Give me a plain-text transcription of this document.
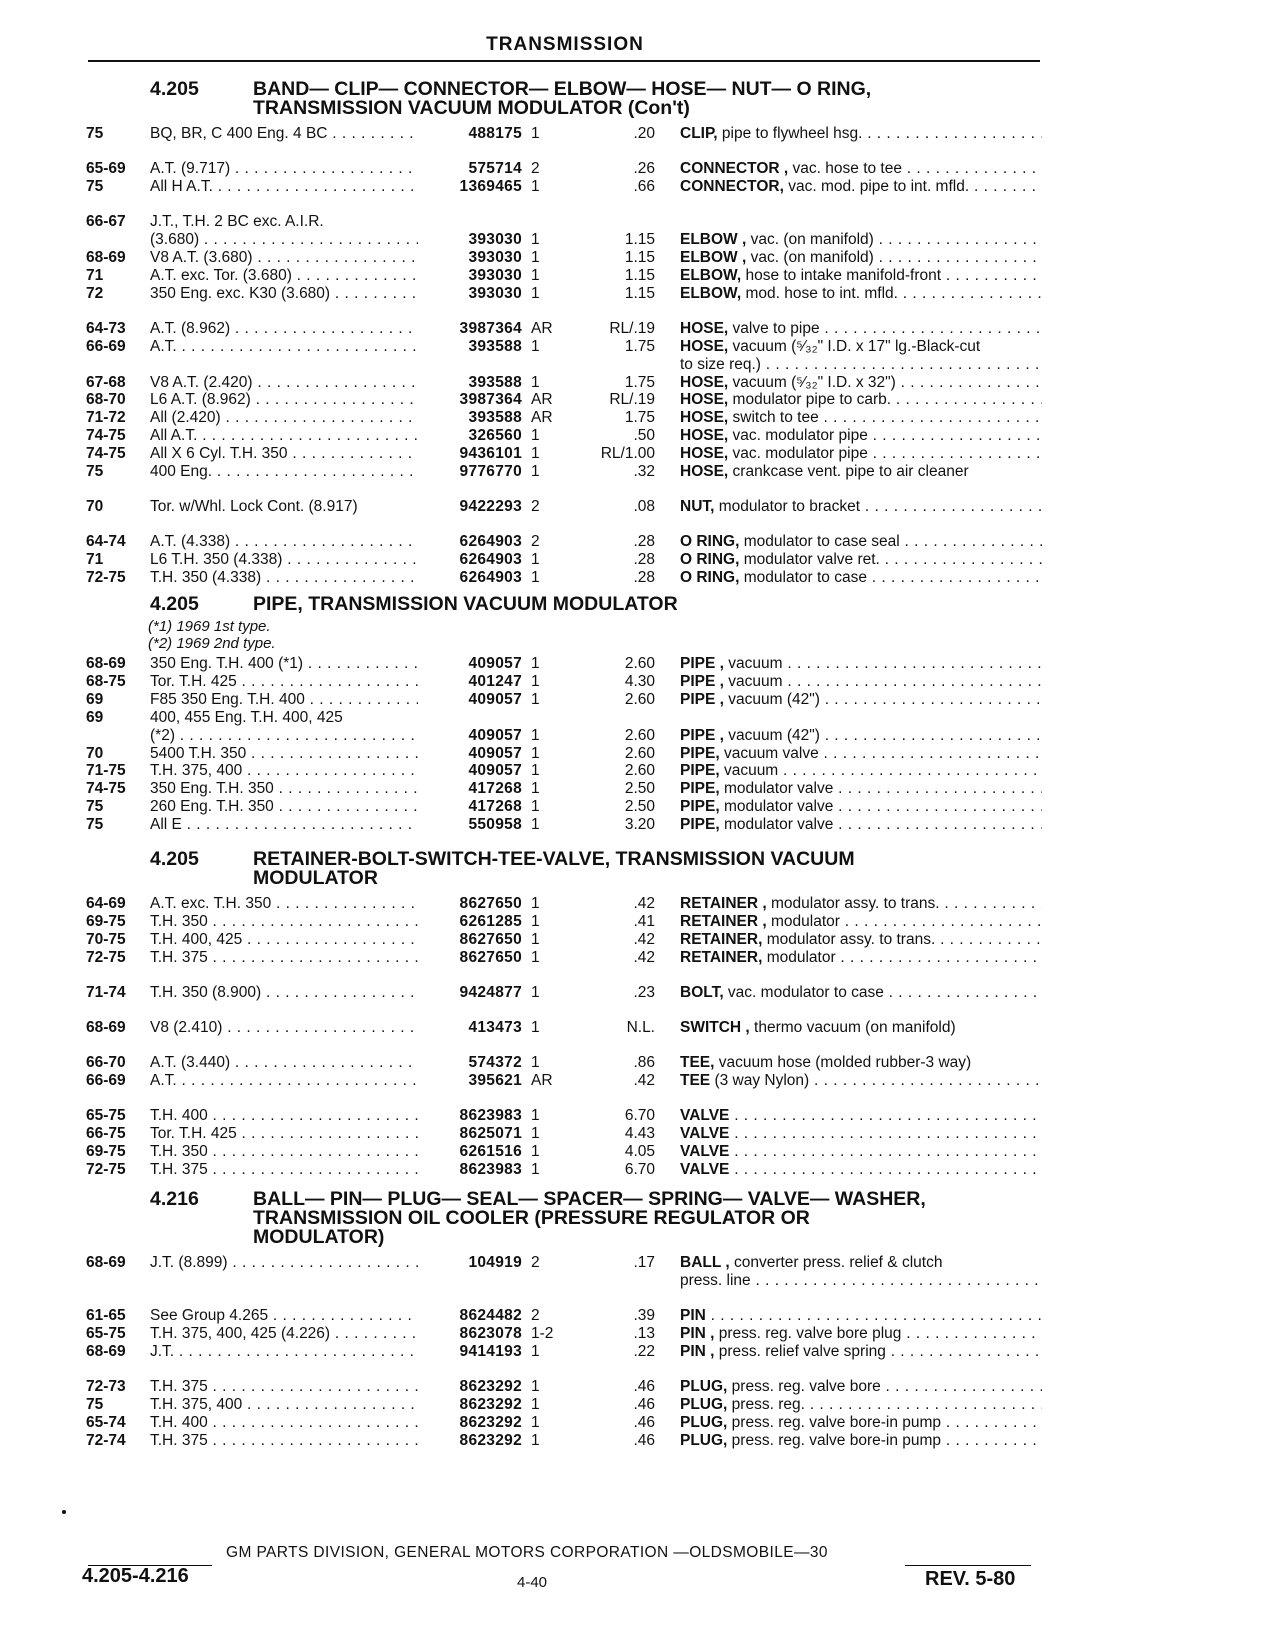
TRANSMISSION
4.205	BAND— CLIP— CONNECTOR— ELBOW— HOSE— NUT— O RING,
TRANSMISSION VACUUM MODULATOR (Con't)
75	BQ, BR, C 400 Eng. 4 BC . . .	488175 1	.20 CLIP, pipe to flywheel hsg. . . .
65-69 A.T. (9.717) . . .	575714 2	.26 CONNECTOR , vac. hose to tee . . .
75	All H A.T. . . .	1369465 1	.66 CONNECTOR, vac. mod. pipe to int. mfld. . . .
66-67 J.T., T.H. 2 BC exc. A.I.R.
(3.680) . . .	393030 1	1.15 ELBOW , vac. (on manifold) . . .
68-69 V8 A.T. (3.680) . . .	393030 1	1.15 ELBOW , vac. (on manifold) . . .
71	A.T. exc. Tor. (3.680) . . .	393030 1	1.15 ELBOW, hose to intake manifold-front . . .
72	350 Eng. exc. K30 (3.680) . . .	393030 1	1.15 ELBOW, mod. hose to int. mfld. . . .
64-73 A.T. (8.962) . . .	3987364 AR	RL/.19 HOSE, valve to pipe . . .
66-69 A.T. . . .	393588 1	1.75 HOSE, vacuum (⁵⁄₃₂" I.D. x 17" lg.-Black-cut
to size req.) . . .
67-68 V8 A.T. (2.420) . . .	393588 1	1.75 HOSE, vacuum (⁵⁄₃₂" I.D. x 32") . . .
68-70 L6 A.T. (8.962) . . .	3987364 AR	RL/.19 HOSE, modulator pipe to carb. . . .
71-72 All (2.420) . . .	393588 AR	1.75 HOSE, switch to tee . . .
74-75 All A.T. . . .	326560 1	.50 HOSE, vac. modulator pipe . . .
74-75 All X 6 Cyl. T.H. 350 . . .	9436101 1	RL/1.00 HOSE, vac. modulator pipe . . .
75	400 Eng. . . .	9776770 1	.32 HOSE, crankcase vent. pipe to air cleaner
70	Tor. w/Whl. Lock Cont. (8.917)	9422293 2	.08 NUT, modulator to bracket . . .
64-74 A.T. (4.338) . . .	6264903 2	.28 O RING, modulator to case seal . . .
71	L6 T.H. 350 (4.338) . . .	6264903 1	.28 O RING, modulator valve ret. . . .
72-75 T.H. 350 (4.338) . . .	6264903 1	.28 O RING, modulator to case . . .
4.205	PIPE, TRANSMISSION VACUUM MODULATOR
(*1) 1969 1st type.
(*2) 1969 2nd type.
68-69 350 Eng. T.H. 400 (*1) . . .	409057 1	2.60 PIPE , vacuum . . .
68-75 Tor. T.H. 425 . . .	401247 1	4.30 PIPE , vacuum . . .
69	F85 350 Eng. T.H. 400 . . .	409057 1	2.60 PIPE , vacuum (42") . . .
69	400, 455 Eng. T.H. 400, 425
(*2) . . .	409057 1	2.60 PIPE , vacuum (42") . . .
70	5400 T.H. 350 . . .	409057 1	2.60 PIPE, vacuum valve . . .
71-75 T.H. 375, 400 . . .	409057 1	2.60 PIPE, vacuum . . .
74-75 350 Eng. T.H. 350 . . .	417268 1	2.50 PIPE, modulator valve . . .
75	260 Eng. T.H. 350 . . .	417268 1	2.50 PIPE, modulator valve . . .
75	All E . . .	550958 1	3.20 PIPE, modulator valve . . .
4.205	RETAINER-BOLT-SWITCH-TEE-VALVE, TRANSMISSION VACUUM
MODULATOR
64-69 A.T. exc. T.H. 350 . . .	8627650 1	.42 RETAINER , modulator assy. to trans. . . .
69-75 T.H. 350 . . .	6261285 1	.41 RETAINER , modulator . . .
70-75 T.H. 400, 425 . . .	8627650 1	.42 RETAINER, modulator assy. to trans. . . .
72-75 T.H. 375 . . .	8627650 1	.42 RETAINER, modulator . . .
71-74 T.H. 350 (8.900) . . .	9424877 1	.23 BOLT, vac. modulator to case . . .
68-69 V8 (2.410) . . .	413473 1	N.L. SWITCH , thermo vacuum (on manifold)
66-70 A.T. (3.440) . . .	574372 1	.86 TEE, vacuum hose (molded rubber-3 way)
66-69 A.T. . . .	395621 AR	.42 TEE (3 way Nylon) . . .
65-75 T.H. 400 . . .	8623983 1	6.70 VALVE . . .
66-75 Tor. T.H. 425 . . .	8625071 1	4.43 VALVE . . .
69-75 T.H. 350 . . .	6261516 1	4.05 VALVE . . .
72-75 T.H. 375 . . .	8623983 1	6.70 VALVE . . .
4.216	BALL— PIN— PLUG— SEAL— SPACER— SPRING— VALVE— WASHER,
TRANSMISSION OIL COOLER (PRESSURE REGULATOR OR
MODULATOR)
68-69 J.T. (8.899) . . .	104919 2	.17 BALL , converter press. relief & clutch
press. line . . .
61-65 See Group 4.265 . . .	8624482 2	.39 PIN . . .
65-75 T.H. 375, 400, 425 (4.226) . . .	8623078 1-2	.13 PIN , press. reg. valve bore plug . . .
68-69 J.T. . . .	9414193 1	.22 PIN , press. relief valve spring . . .
72-73 T.H. 375 . . .	8623292 1	.46 PLUG, press. reg. valve bore . . .
75	T.H. 375, 400 . . .	8623292 1	.46 PLUG, press. reg. . . .
65-74 T.H. 400 . . .	8623292 1	.46 PLUG, press. reg. valve bore-in pump . . .
72-74 T.H. 375 . . .	8623292 1	.46 PLUG, press. reg. valve bore-in pump . . .
GM PARTS DIVISION, GENERAL MOTORS CORPORATION —OLDSMOBILE—30
4.205-4.216	4-40	REV. 5-80
